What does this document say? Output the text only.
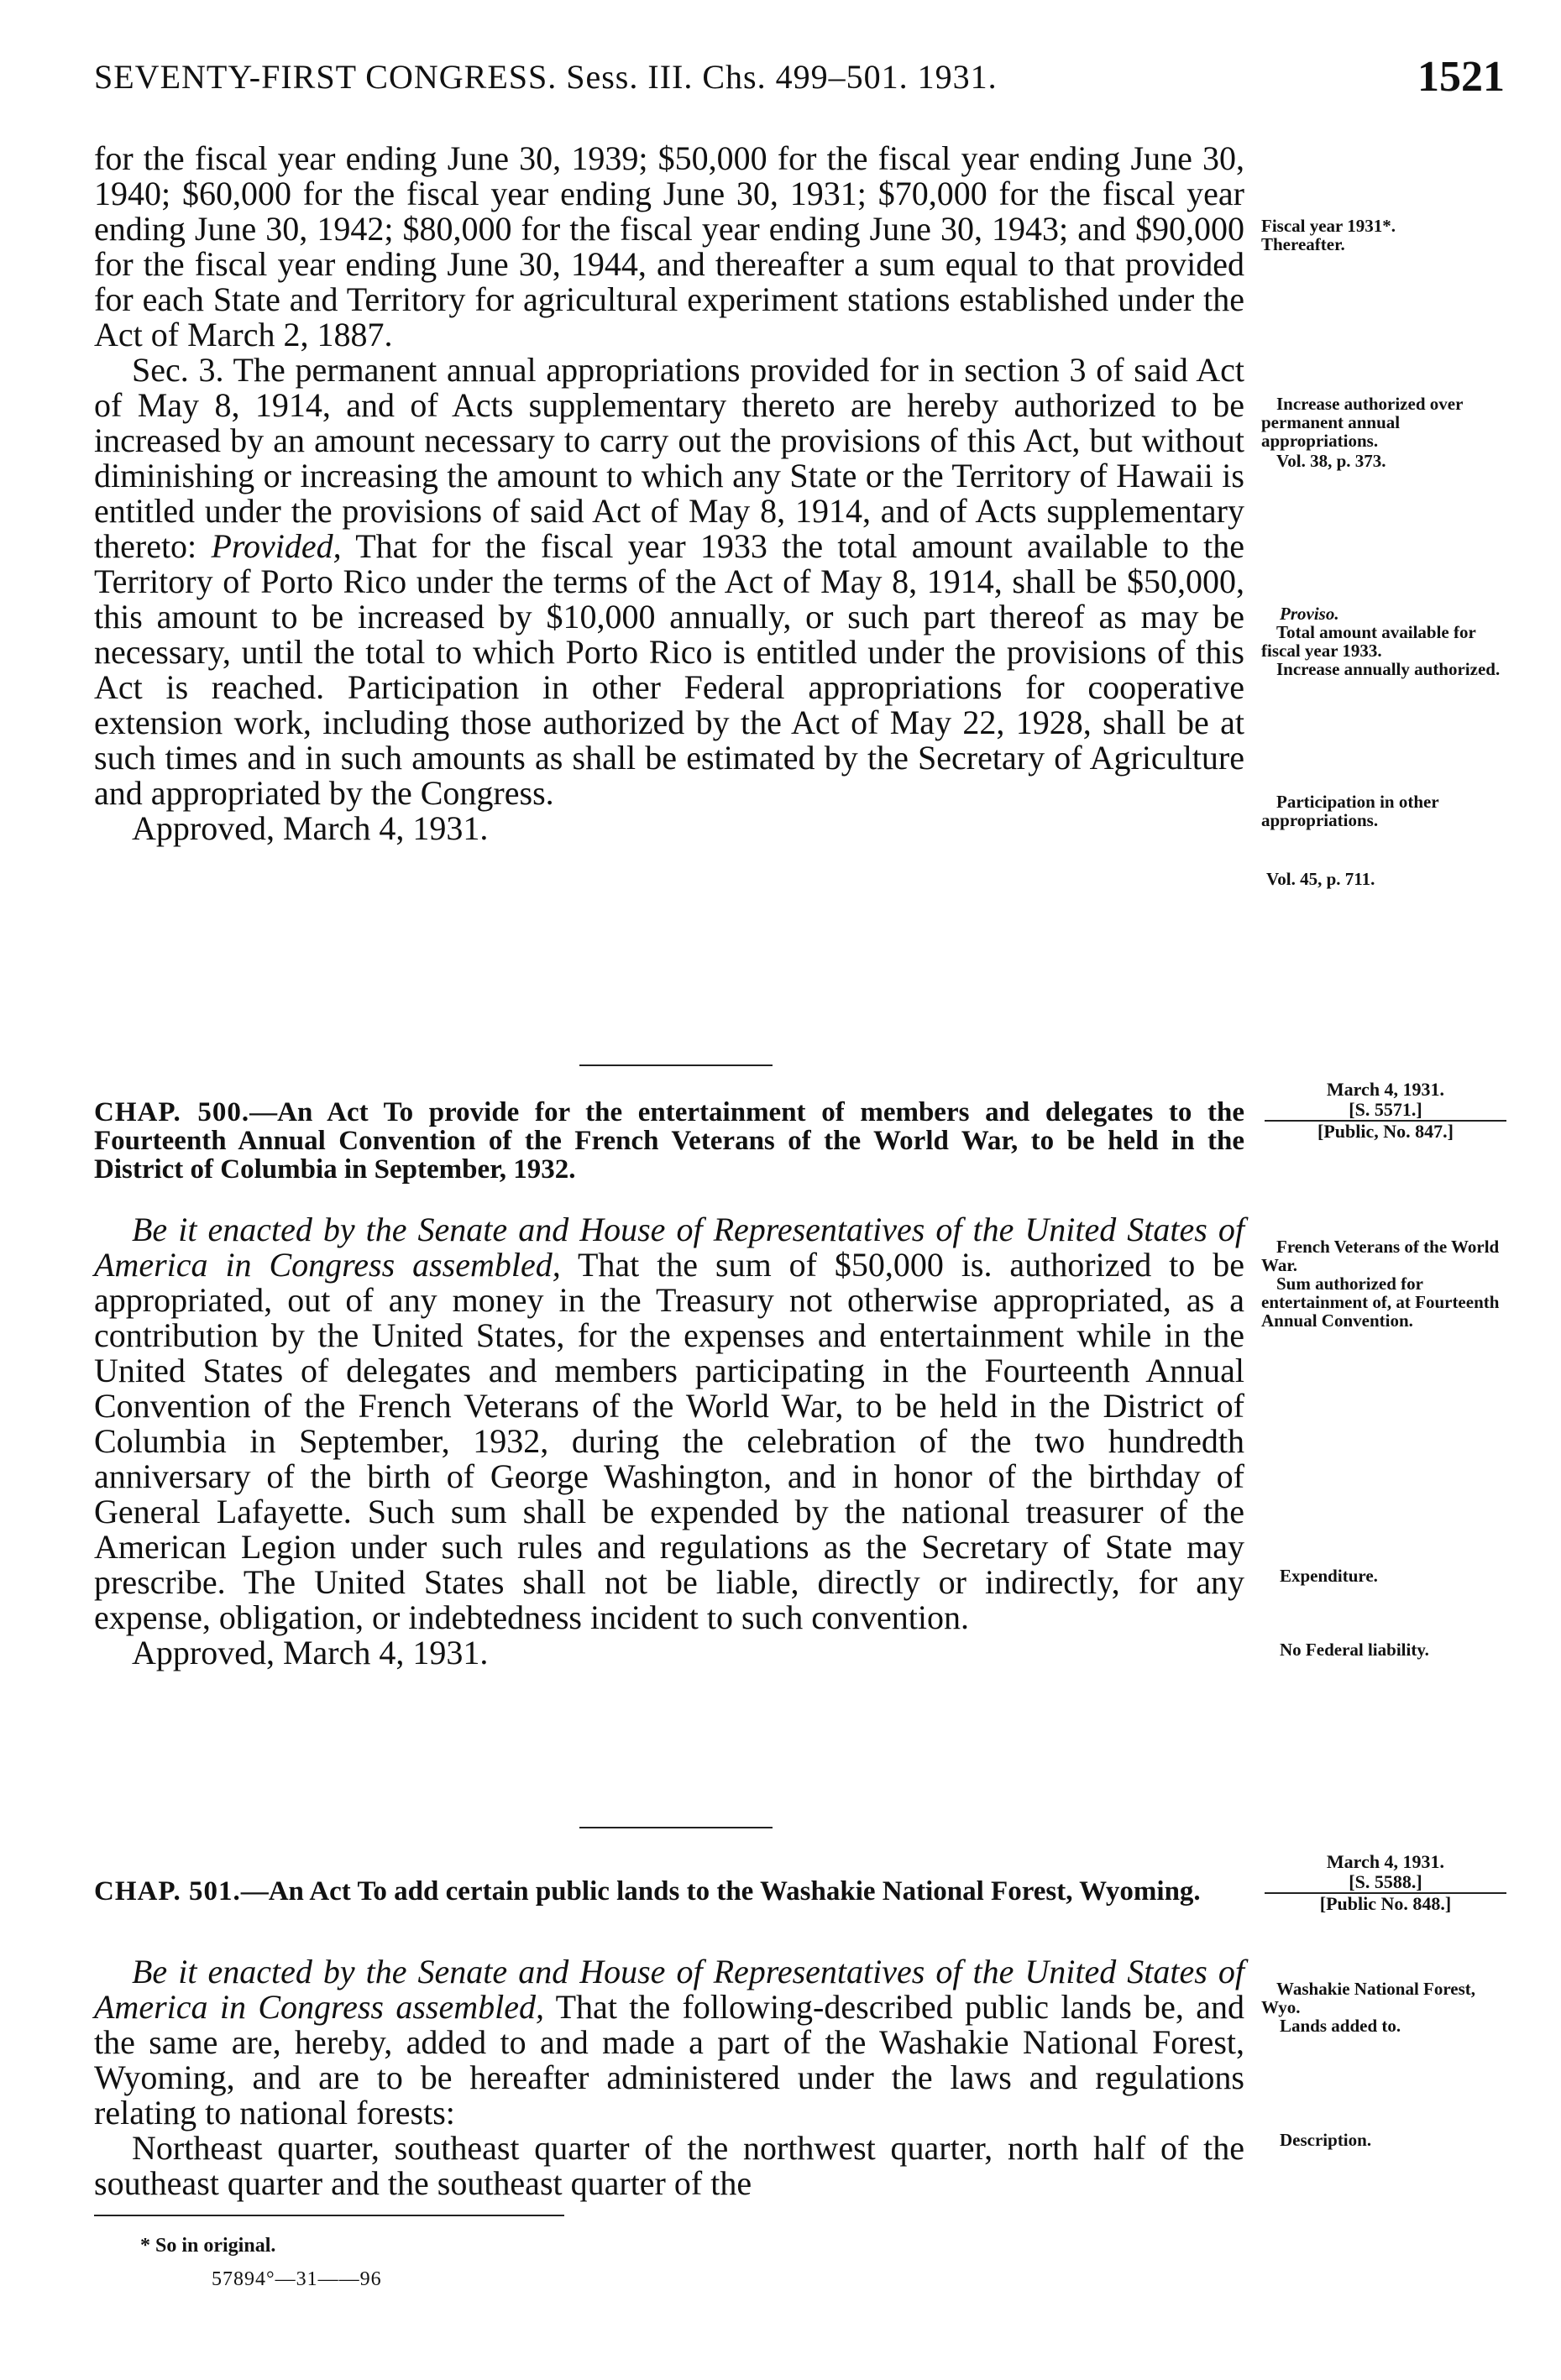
SEVENTY-FIRST CONGRESS. Sess. III. Chs. 499–501. 1931.	1521

for the fiscal year ending June 30, 1939; $50,000 for the fiscal year ending June 30, 1940; $60,000 for the fiscal year ending June 30, 1931; $70,000 for the fiscal year ending June 30, 1942; $80,000 for the fiscal year ending June 30, 1943; and $90,000 for the fiscal year ending June 30, 1944, and thereafter a sum equal to that provided for each State and Territory for agricultural experiment stations established under the Act of March 2, 1887.

Sec. 3. The permanent annual appropriations provided for in section 3 of said Act of May 8, 1914, and of Acts supplementary thereto are hereby authorized to be increased by an amount necessary to carry out the provisions of this Act, but without diminishing or increasing the amount to which any State or the Territory of Hawaii is entitled under the provisions of said Act of May 8, 1914, and of Acts supplementary thereto: Provided, That for the fiscal year 1933 the total amount available to the Territory of Porto Rico under the terms of the Act of May 8, 1914, shall be $50,000, this amount to be increased by $10,000 annually, or such part thereof as may be necessary, until the total to which Porto Rico is entitled under the provisions of this Act is reached. Participation in other Federal appropriations for cooperative extension work, including those authorized by the Act of May 22, 1928, shall be at such times and in such amounts as shall be estimated by the Secretary of Agriculture and appropriated by the Congress.

Approved, March 4, 1931.

Fiscal year 1931*.
Thereafter.
Increase authorized over permanent annual appropriations.
Vol. 38, p. 373.
Proviso.
Total amount available for fiscal year 1933.
Increase annually authorized.
Participation in other appropriations.
Vol. 45, p. 711.
March 4, 1931.
[S. 5571.]
[Public, No. 847.]
CHAP. 500.—An Act To provide for the entertainment of members and delegates to the Fourteenth Annual Convention of the French Veterans of the World War, to be held in the District of Columbia in September, 1932.

Be it enacted by the Senate and House of Representatives of the United States of America in Congress assembled, That the sum of $50,000 is. authorized to be appropriated, out of any money in the Treasury not otherwise appropriated, as a contribution by the United States, for the expenses and entertainment while in the United States of delegates and members participating in the Fourteenth Annual Convention of the French Veterans of the World War, to be held in the District of Columbia in September, 1932, during the celebration of the two hundredth anniversary of the birth of George Washington, and in honor of the birthday of General Lafayette. Such sum shall be expended by the national treasurer of the American Legion under such rules and regulations as the Secretary of State may prescribe. The United States shall not be liable, directly or indirectly, for any expense, obligation, or indebtedness incident to such convention.

Approved, March 4, 1931.

French Veterans of the World War.
Sum authorized for entertainment of, at Fourteenth Annual Convention.
Expenditure.
No Federal liability.
March 4, 1931.
[S. 5588.]
[Public No. 848.]
CHAP. 501.—An Act To add certain public lands to the Washakie National Forest, Wyoming.

Be it enacted by the Senate and House of Representatives of the United States of America in Congress assembled, That the following-described public lands be, and the same are, hereby, added to and made a part of the Washakie National Forest, Wyoming, and are to be hereafter administered under the laws and regulations relating to national forests:

Northeast quarter, southeast quarter of the northwest quarter, north half of the southeast quarter and the southeast quarter of the

Washakie National Forest, Wyo.
Lands added to.
Description.
* So in original.
57894°—31——96
